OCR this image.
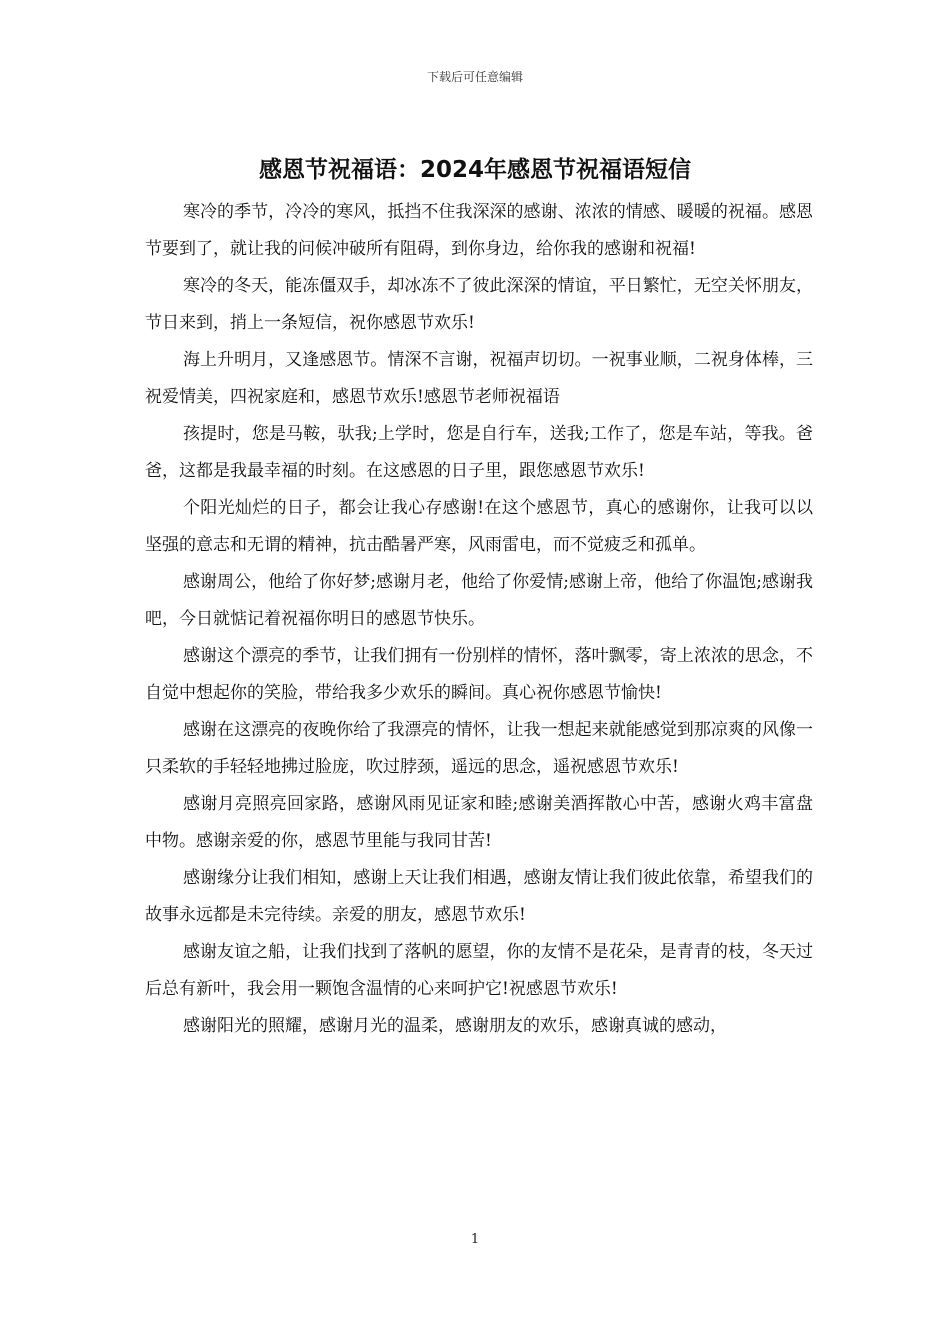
下载后可任意编辑
感恩节祝福语：2024年感恩节祝福语短信

寒冷的季节，冷冷的寒风，抵挡不住我深深的感谢、浓浓的情感、暖暖的祝福。感恩节要到了，就让我的问候冲破所有阻碍，到你身边，给你我的感谢和祝福!

寒冷的冬天，能冻僵双手，却冰冻不了彼此深深的情谊，平日繁忙，无空关怀朋友，节日来到，捎上一条短信，祝你感恩节欢乐!

海上升明月，又逢感恩节。情深不言谢，祝福声切切。一祝事业顺，二祝身体棒，三祝爱情美，四祝家庭和，感恩节欢乐!感恩节老师祝福语

孩提时，您是马鞍，驮我;上学时，您是自行车，送我;工作了，您是车站，等我。爸爸，这都是我最幸福的时刻。在这感恩的日子里，跟您感恩节欢乐!

个阳光灿烂的日子，都会让我心存感谢!在这个感恩节，真心的感谢你，让我可以以坚强的意志和无谓的精神，抗击酷暑严寒，风雨雷电，而不觉疲乏和孤单。

感谢周公，他给了你好梦;感谢月老，他给了你爱情;感谢上帝，他给了你温饱;感谢我吧，今日就惦记着祝福你明日的感恩节快乐。

感谢这个漂亮的季节，让我们拥有一份别样的情怀，落叶飘零，寄上浓浓的思念，不自觉中想起你的笑脸，带给我多少欢乐的瞬间。真心祝你感恩节愉快!

感谢在这漂亮的夜晚你给了我漂亮的情怀，让我一想起来就能感觉到那凉爽的风像一只柔软的手轻轻地拂过脸庞，吹过脖颈，遥远的思念，遥祝感恩节欢乐!

感谢月亮照亮回家路，感谢风雨见证家和睦;感谢美酒挥散心中苦，感谢火鸡丰富盘中物。感谢亲爱的你，感恩节里能与我同甘苦!

感谢缘分让我们相知，感谢上天让我们相遇，感谢友情让我们彼此依靠，希望我们的故事永远都是未完待续。亲爱的朋友，感恩节欢乐!

感谢友谊之船，让我们找到了落帆的愿望，你的友情不是花朵，是青青的枝，冬天过后总有新叶，我会用一颗饱含温情的心来呵护它!祝感恩节欢乐!

感谢阳光的照耀，感谢月光的温柔，感谢朋友的欢乐，感谢真诚的感动，

1
